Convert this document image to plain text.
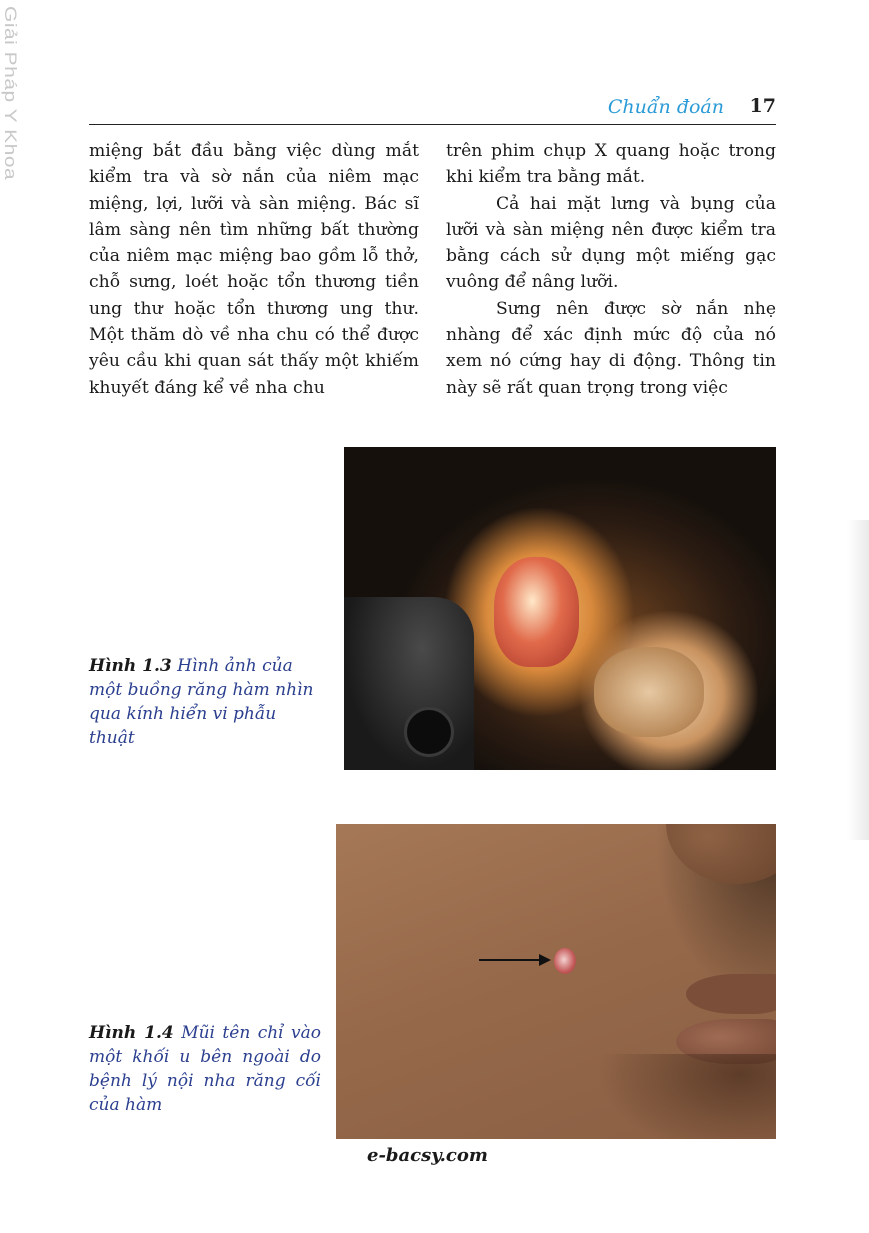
Giải Pháp Y Khoa	Chuẩn đoán 17

miệng bắt đầu bằng việc dùng mắt kiểm tra và sờ nắn của niêm mạc miệng, lợi, lưỡi và sàn miệng. Bác sĩ lâm sàng nên tìm những bất thường của niêm mạc miệng bao gồm lỗ thở, chỗ sưng, loét hoặc tổn thương tiền ung thư hoặc tổn thương ung thư. Một thăm dò về nha chu có thể được yêu cầu khi quan sát thấy một khiếm khuyết đáng kể về nha chu

trên phim chụp X quang hoặc trong khi kiểm tra bằng mắt.

Cả hai mặt lưng và bụng của lưỡi và sàn miệng nên được kiểm tra bằng cách sử dụng một miếng gạc vuông để nâng lưỡi.

Sưng nên được sờ nắn nhẹ nhàng để xác định mức độ của nó xem nó cứng hay di động. Thông tin này sẽ rất quan trọng trong việc

Hình 1.3 Hình ảnh của một buồng răng hàm nhìn qua kính hiển vi phẫu thuật
Hình 1.4 Mũi tên chỉ vào một khối u bên ngoài do bệnh lý nội nha răng cối của hàm
e-bacsy.com
